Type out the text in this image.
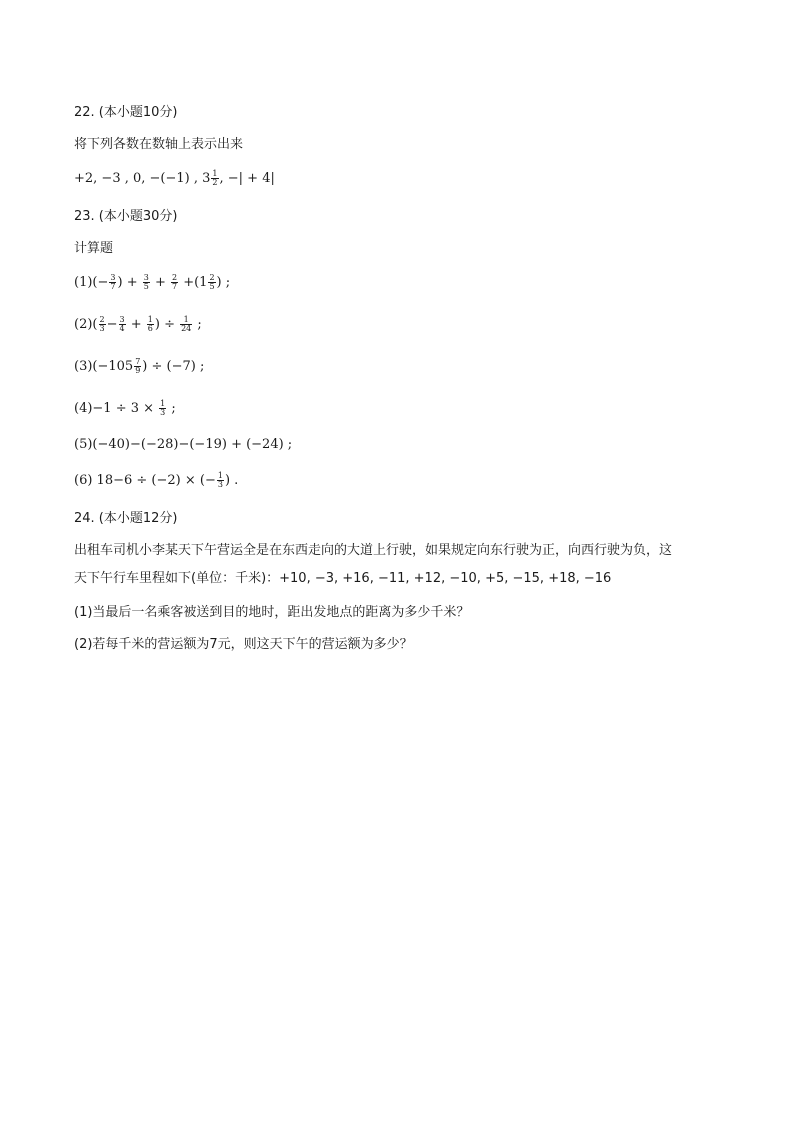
22. (本小题10分)
将下列各数在数轴上表示出来
+2, −3 , 0, −(−1) , $3 \frac{1}{2}$ , −| + 4|
23. (本小题30分)
计算题
$(1)(- \frac{3}{7}$ ) + $\frac{3}{5} + \frac{2}{7} +(1 \frac{2}{5}$ ) ;
$(2)( \frac{2}{3} - \frac{3}{4} + \frac{1}{6}$ ) ÷ $\frac{1}{24}$ ;
$(3)(-105 \frac{7}{9}$ ) ÷ (−7) ;
$(4)-1 \div 3 \times \frac{1}{3}$ ;
(5)(−40)−(−28)−(−19) + (−24) ;
(6) 18−6 ÷ (−2) × (− $\frac{1}{3}$ ) .
24. (本小题12分)
出租车司机小李某天下午营运全是在东西走向的大道上行驶，如果规定向东行驶为正，向西行驶为负，这
天下午行车里程如下(单位：千米)：+10, −3, +16, −11, +12, −10, +5, −15, +18, −16
(1)当最后一名乘客被送到目的地时，距出发地点的距离为多少千米？
(2)若每千米的营运额为7元，则这天下午的营运额为多少？
